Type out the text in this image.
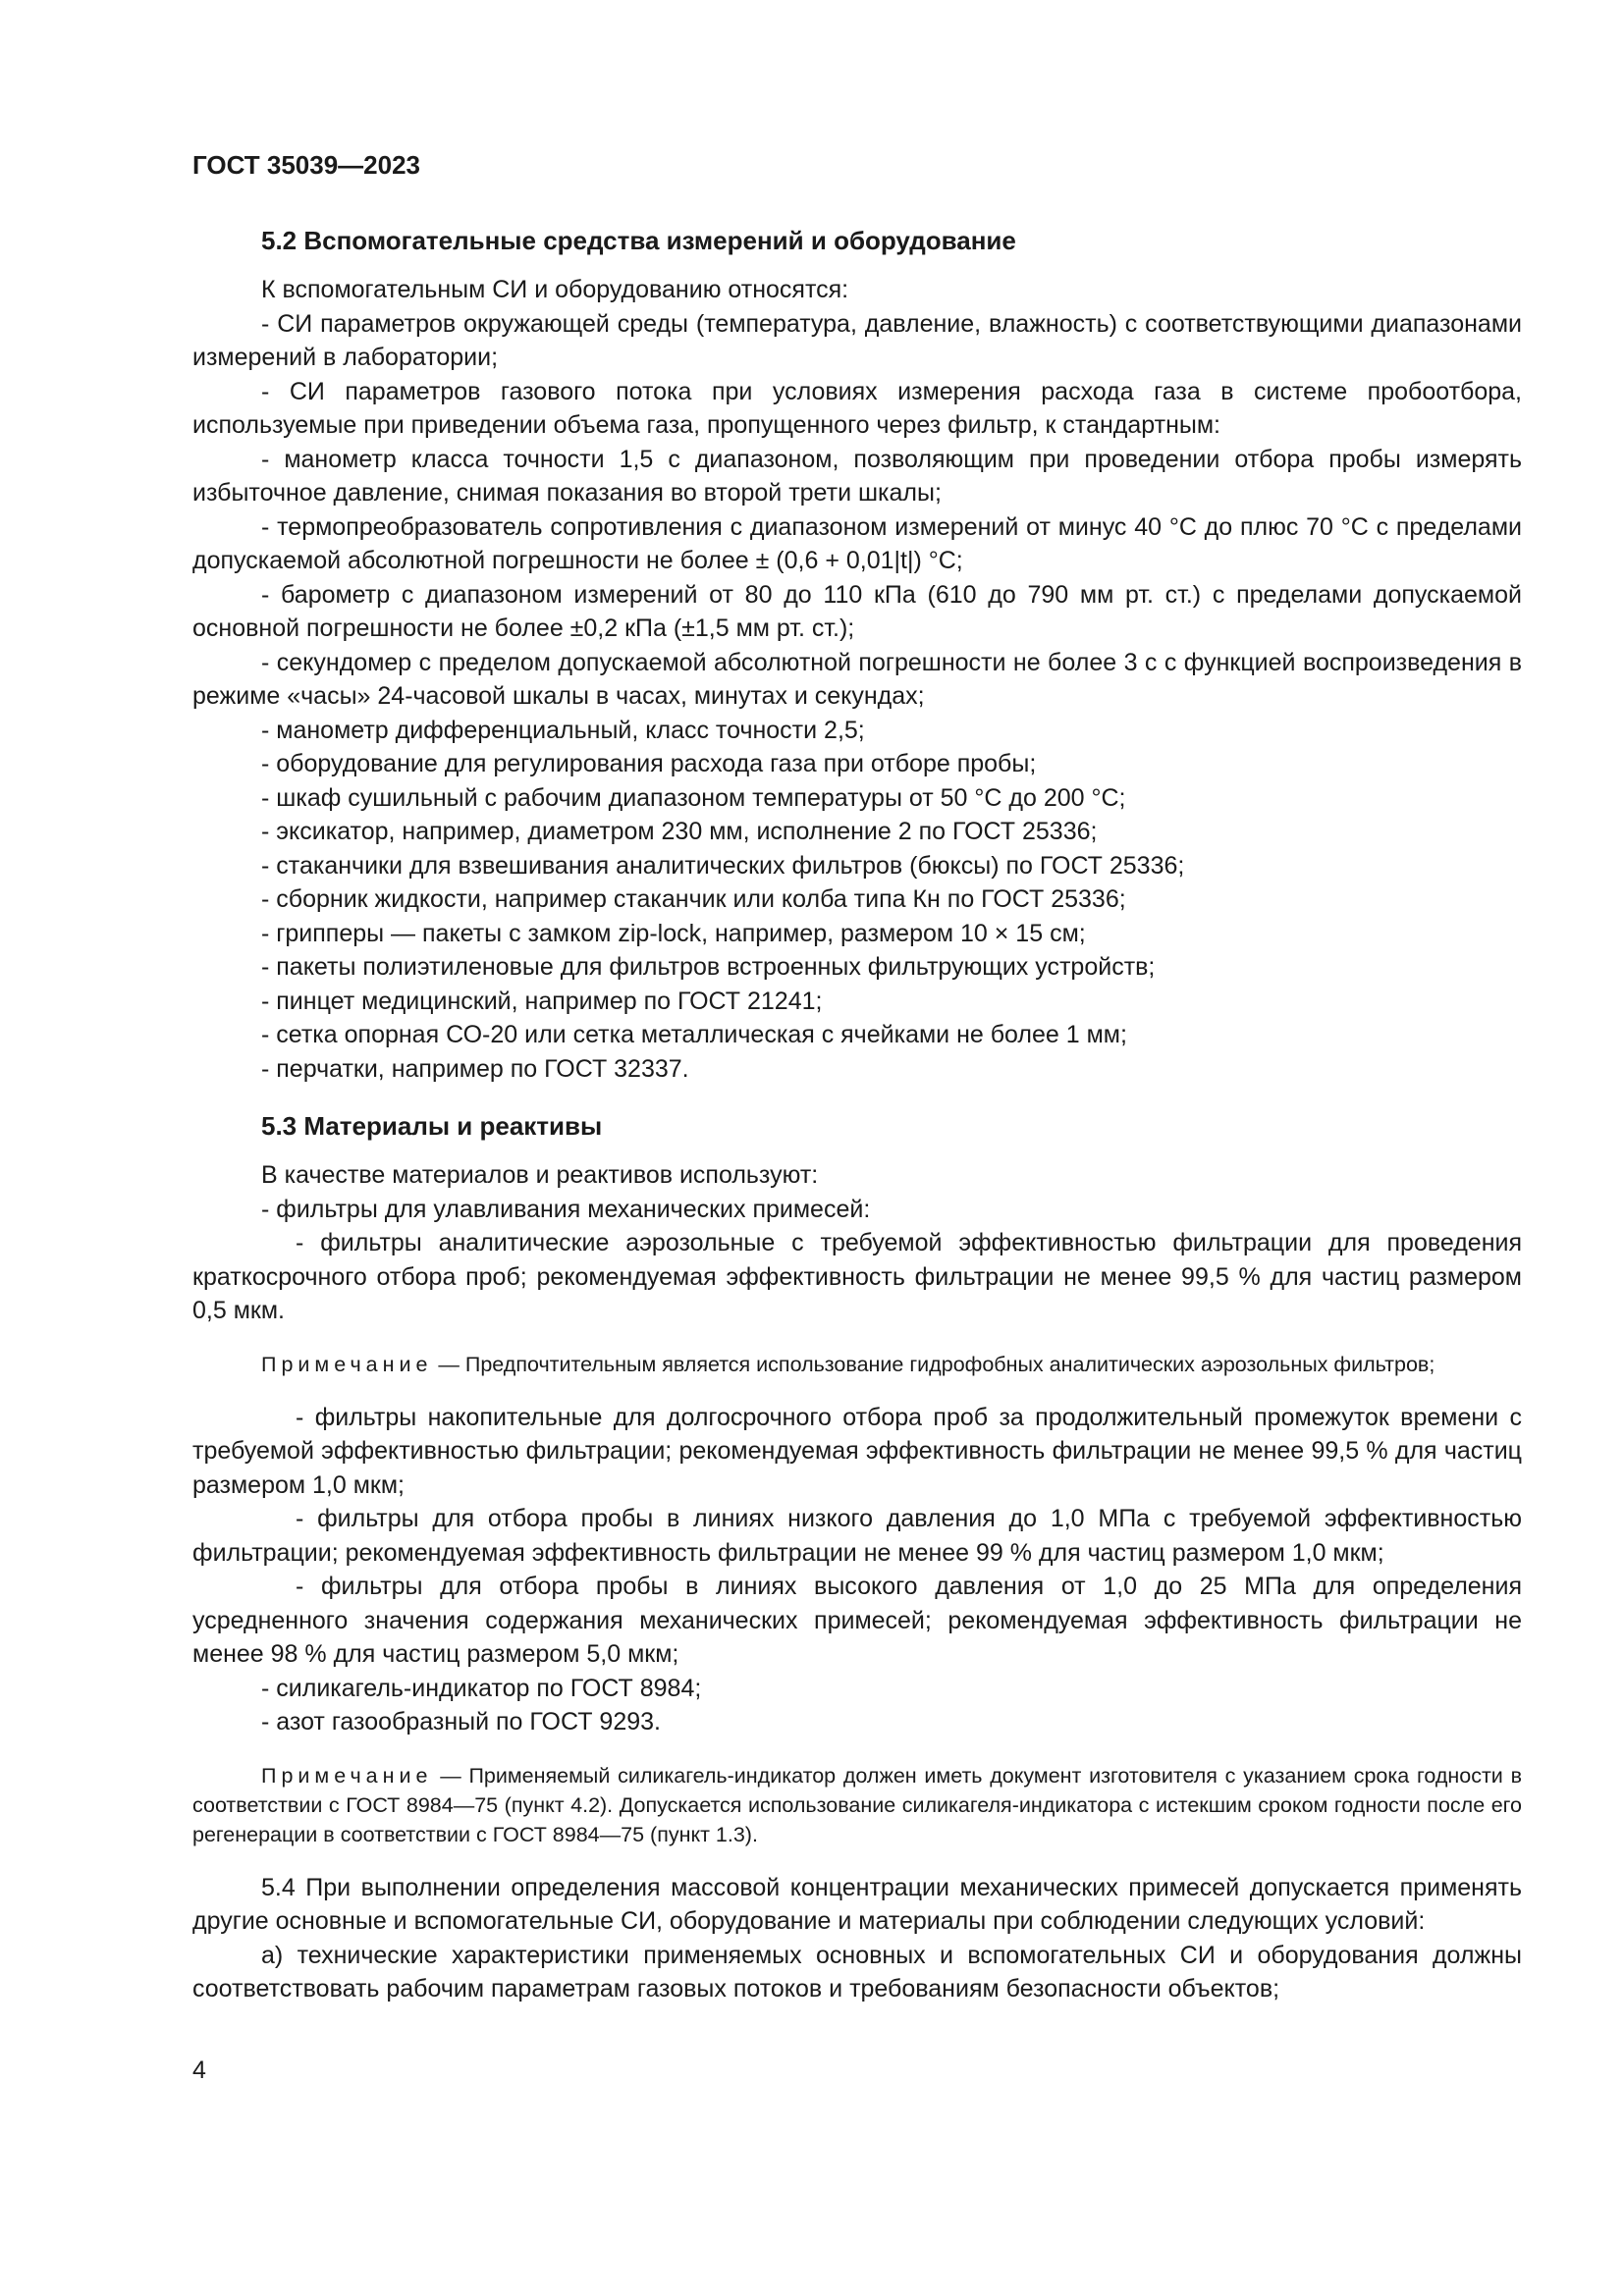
ГОСТ 35039—2023
5.2 Вспомогательные средства измерений и оборудование

К вспомогательным СИ и оборудованию относятся:

- СИ параметров окружающей среды (температура, давление, влажность) с соответствующими диапазонами измерений в лаборатории;

- СИ параметров газового потока при условиях измерения расхода газа в системе пробоотбора, используемые при приведении объема газа, пропущенного через фильтр, к стандартным:

- манометр класса точности 1,5 с диапазоном, позволяющим при проведении отбора пробы измерять избыточное давление, снимая показания во второй трети шкалы;

- термопреобразователь сопротивления с диапазоном измерений от минус 40 °С до плюс 70 °С с пределами допускаемой абсолютной погрешности не более ± (0,6 + 0,01|t|) °С;

- барометр с диапазоном измерений от 80 до 110 кПа (610 до 790 мм рт. ст.) с пределами допускаемой основной погрешности не более ±0,2 кПа (±1,5 мм рт. ст.);

- секундомер с пределом допускаемой абсолютной погрешности не более 3 с с функцией воспроизведения в режиме «часы» 24-часовой шкалы в часах, минутах и секундах;

- манометр дифференциальный, класс точности 2,5;

- оборудование для регулирования расхода газа при отборе пробы;

- шкаф сушильный с рабочим диапазоном температуры от 50 °С до 200 °С;

- эксикатор, например, диаметром 230 мм, исполнение 2 по ГОСТ 25336;

- стаканчики для взвешивания аналитических фильтров (бюксы) по ГОСТ 25336;

- сборник жидкости, например стаканчик или колба типа Кн по ГОСТ 25336;

- грипперы — пакеты с замком zip-lock, например, размером 10 × 15 см;

- пакеты полиэтиленовые для фильтров встроенных фильтрующих устройств;

- пинцет медицинский, например по ГОСТ 21241;

- сетка опорная СО-20 или сетка металлическая с ячейками не более 1 мм;

- перчатки, например по ГОСТ 32337.

5.3 Материалы и реактивы

В качестве материалов и реактивов используют:

- фильтры для улавливания механических примесей:

- фильтры аналитические аэрозольные с требуемой эффективностью фильтрации для проведения краткосрочного отбора проб; рекомендуемая эффективность фильтрации не менее 99,5 % для частиц размером 0,5 мкм.

Примечание — Предпочтительным является использование гидрофобных аналитических аэрозольных фильтров;

- фильтры накопительные для долгосрочного отбора проб за продолжительный промежуток времени с требуемой эффективностью фильтрации; рекомендуемая эффективность фильтрации не менее 99,5 % для частиц размером 1,0 мкм;

- фильтры для отбора пробы в линиях низкого давления до 1,0 МПа с требуемой эффективностью фильтрации; рекомендуемая эффективность фильтрации не менее 99 % для частиц размером 1,0 мкм;

- фильтры для отбора пробы в линиях высокого давления от 1,0 до 25 МПа для определения усредненного значения содержания механических примесей; рекомендуемая эффективность фильтрации не менее 98 % для частиц размером 5,0 мкм;

- силикагель-индикатор по ГОСТ 8984;

- азот газообразный по ГОСТ 9293.

Примечание — Применяемый силикагель-индикатор должен иметь документ изготовителя с указанием срока годности в соответствии с ГОСТ 8984—75 (пункт 4.2). Допускается использование силикагеля-индикатора с истекшим сроком годности после его регенерации в соответствии с ГОСТ 8984—75 (пункт 1.3).

5.4 При выполнении определения массовой концентрации механических примесей допускается применять другие основные и вспомогательные СИ, оборудование и материалы при соблюдении следующих условий:

а) технические характеристики применяемых основных и вспомогательных СИ и оборудования должны соответствовать рабочим параметрам газовых потоков и требованиям безопасности объектов;

4
